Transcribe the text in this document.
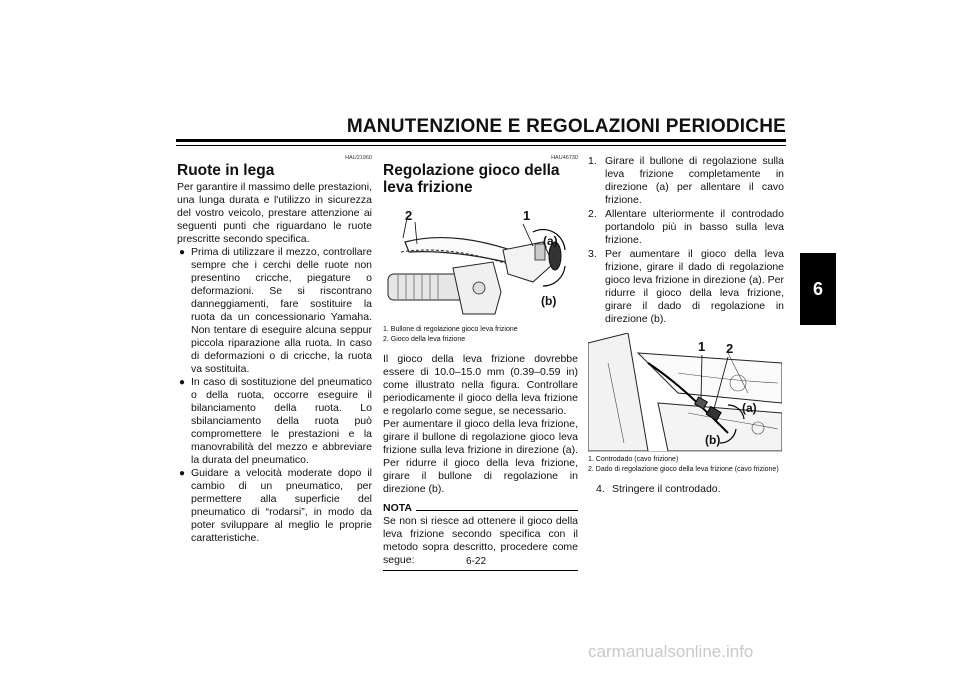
MANUTENZIONE E REGOLAZIONI PERIODICHE
6
HAU21960
Ruote in lega

Per garantire il massimo delle prestazioni, una lunga durata e l'utilizzo in sicurezza del vostro veicolo, prestare attenzione ai seguenti punti che riguardano le ruote prescritte secondo specifica.

● Prima di utilizzare il mezzo, controllare sempre che i cerchi delle ruote non presentino cricche, piegature o deformazioni. Se si riscontrano danneggiamenti, fare sostituire la ruota da un concessionario Yamaha. Non tentare di eseguire alcuna seppur piccola riparazione alla ruota. In caso di deformazioni o di cricche, la ruota va sostituita.
● In caso di sostituzione del pneumatico o della ruota, occorre eseguire il bilanciamento della ruota. Lo sbilanciamento della ruota può compromettere le prestazioni e la manovrabilità del mezzo e abbreviare la durata del pneumatico.
● Guidare a velocità moderate dopo il cambio di un pneumatico, per permettere alla superficie del pneumatico di “rodarsi”, in modo da poter sviluppare al meglio le proprie caratteristiche.
HAU46730
Regolazione gioco della leva frizione
2	1
(a)
(b)
1. Bullone di regolazione gioco leva frizione
2. Gioco della leva frizione

Il gioco della leva frizione dovrebbe essere di 10.0–15.0 mm (0.39–0.59 in) come illustrato nella figura. Controllare periodicamente il gioco della leva frizione e regolarlo come segue, se necessario.

Per aumentare il gioco della leva frizione, girare il bullone di regolazione gioco leva frizione sulla leva frizione in direzione (a). Per ridurre il gioco della leva frizione, girare il bullone di regolazione in direzione (b).

NOTA
Se non si riesce ad ottenere il gioco della leva frizione secondo specifica con il metodo sopra descritto, procedere come segue:
1. Girare il bullone di regolazione sulla leva frizione completamente in direzione (a) per allentare il cavo frizione.
2. Allentare ulteriormente il controdado portandolo più in basso sulla leva frizione.
3. Per aumentare il gioco della leva frizione, girare il dado di regolazione gioco leva frizione in direzione (a). Per ridurre il gioco della leva frizione, girare il dado di regolazione in direzione (b).
1 2
(a)
(b)
1. Controdado (cavo frizione)
2. Dado di regolazione gioco della leva frizione (cavo frizione)
4. Stringere il controdado.
6-22
carmanualsonline.info
